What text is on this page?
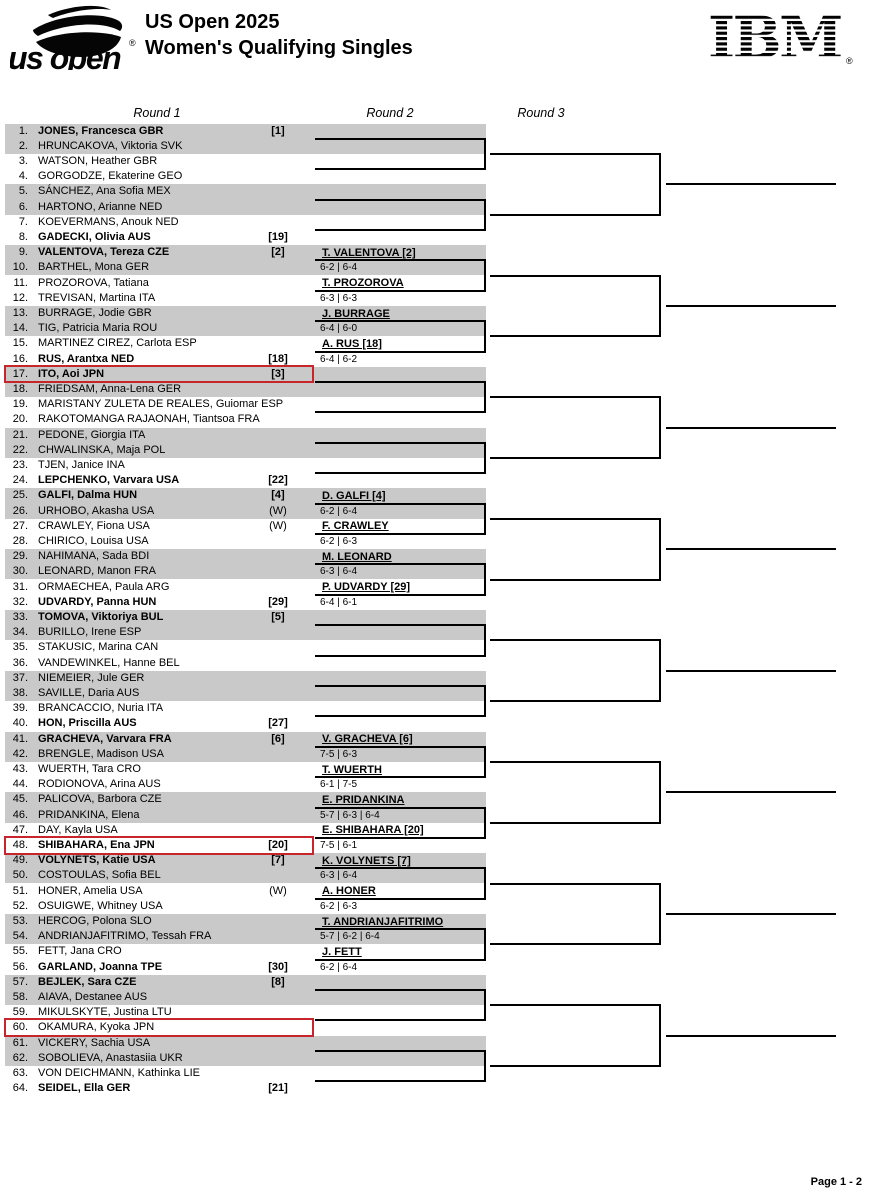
us open ®
US Open 2025
Women's Qualifying Singles	IBM ®
Round 1	Round 2	Round 3
1. JONES, Francesca GBR	[1]
2. HRUNCAKOVA, Viktoria SVK
3. WATSON, Heather GBR
4. GORGODZE, Ekaterine GEO
5. SÁNCHEZ, Ana Sofia MEX
6. HARTONO, Arianne NED
7. KOEVERMANS, Anouk NED
8. GADECKI, Olivia AUS	[19]
9. VALENTOVA, Tereza CZE	[2]
10. BARTHEL, Mona GER
11. PROZOROVA, Tatiana
12. TREVISAN, Martina ITA
13. BURRAGE, Jodie GBR
14. TIG, Patricia Maria ROU
15. MARTINEZ CIREZ, Carlota ESP
16. RUS, Arantxa NED	[18]
17. ITO, Aoi JPN	[3]
18. FRIEDSAM, Anna-Lena GER
19. MARISTANY ZULETA DE REALES, Guiomar ESP
20. RAKOTOMANGA RAJAONAH, Tiantsoa FRA
21. PEDONE, Giorgia ITA
22. CHWALINSKA, Maja POL
23. TJEN, Janice INA
24. LEPCHENKO, Varvara USA	[22]
25. GALFI, Dalma HUN	[4]
26. URHOBO, Akasha USA	(W)
27. CRAWLEY, Fiona USA	(W)
28. CHIRICO, Louisa USA
29. NAHIMANA, Sada BDI
30. LEONARD, Manon FRA
31. ORMAECHEA, Paula ARG
32. UDVARDY, Panna HUN	[29]
33. TOMOVA, Viktoriya BUL	[5]
34. BURILLO, Irene ESP
35. STAKUSIC, Marina CAN
36. VANDEWINKEL, Hanne BEL
37. NIEMEIER, Jule GER
38. SAVILLE, Daria AUS
39. BRANCACCIO, Nuria ITA
40. HON, Priscilla AUS	[27]
41. GRACHEVA, Varvara FRA	[6]
42. BRENGLE, Madison USA
43. WUERTH, Tara CRO
44. RODIONOVA, Arina AUS
45. PALICOVA, Barbora CZE
46. PRIDANKINA, Elena
47. DAY, Kayla USA
48. SHIBAHARA, Ena JPN	[20]
49. VOLYNETS, Katie USA	[7]
50. COSTOULAS, Sofia BEL
51. HONER, Amelia USA	(W)
52. OSUIGWE, Whitney USA
53. HERCOG, Polona SLO
54. ANDRIANJAFITRIMO, Tessah FRA
55. FETT, Jana CRO
56. GARLAND, Joanna TPE	[30]
57. BEJLEK, Sara CZE	[8]
58. AIAVA, Destanee AUS
59. MIKULSKYTE, Justina LTU
60. OKAMURA, Kyoka JPN
61. VICKERY, Sachia USA
62. SOBOLIEVA, Anastasiia UKR
63. VON DEICHMANN, Kathinka LIE
64. SEIDEL, Ella GER	[21]
T. VALENTOVA [2]
6-2 | 6-4
T. PROZOROVA
6-3 | 6-3
J. BURRAGE
6-4 | 6-0
A. RUS [18]
6-4 | 6-2
D. GALFI [4]
6-2 | 6-4
F. CRAWLEY
6-2 | 6-3
M. LEONARD
6-3 | 6-4
P. UDVARDY [29]
6-4 | 6-1
V. GRACHEVA [6]
7-5 | 6-3
T. WUERTH
6-1 | 7-5
E. PRIDANKINA
5-7 | 6-3 | 6-4
E. SHIBAHARA [20]
7-5 | 6-1
K. VOLYNETS [7]
6-3 | 6-4
A. HONER
6-2 | 6-3
T. ANDRIANJAFITRIMO
5-7 | 6-2 | 6-4
J. FETT
6-2 | 6-4
Page 1 - 2
